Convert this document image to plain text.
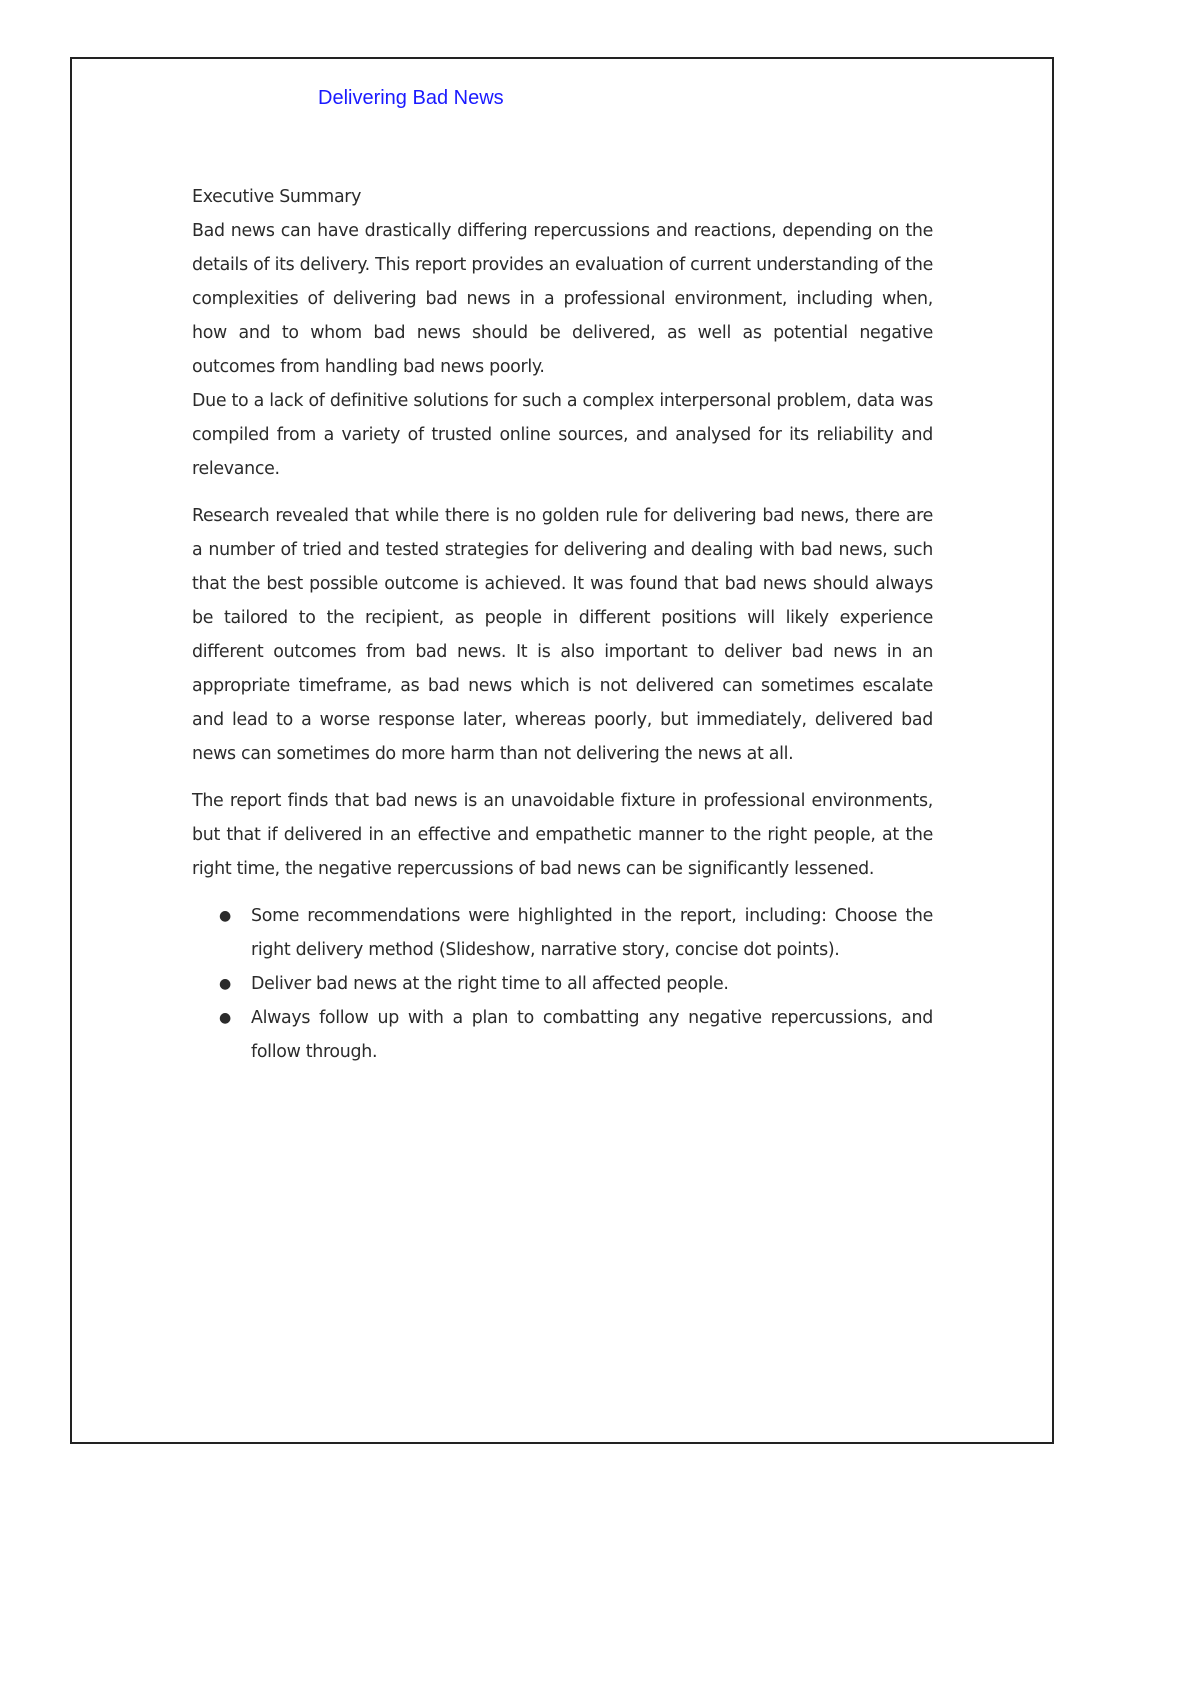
Delivering Bad News
Executive Summary

Bad news can have drastically differing repercussions and reactions, depending on the details of its delivery. This report provides an evaluation of current understanding of the complexities of delivering bad news in a professional environment, including when, how and to whom bad news should be delivered, as well as potential negative outcomes from handling bad news poorly.

Due to a lack of definitive solutions for such a complex interpersonal problem, data was compiled from a variety of trusted online sources, and analysed for its reliability and relevance.

Research revealed that while there is no golden rule for delivering bad news, there are a number of tried and tested strategies for delivering and dealing with bad news, such that the best possible outcome is achieved. It was found that bad news should always be tailored to the recipient, as people in different positions will likely experience different outcomes from bad news. It is also important to deliver bad news in an appropriate timeframe, as bad news which is not delivered can sometimes escalate and lead to a worse response later, whereas poorly, but immediately, delivered bad news can sometimes do more harm than not delivering the news at all.

The report finds that bad news is an unavoidable fixture in professional environments, but that if delivered in an effective and empathetic manner to the right people, at the right time, the negative repercussions of bad news can be significantly lessened.

● Some recommendations were highlighted in the report, including: Choose the right delivery method (Slideshow, narrative story, concise dot points).
● Deliver bad news at the right time to all affected people.
● Always follow up with a plan to combatting any negative repercussions, and follow through.
